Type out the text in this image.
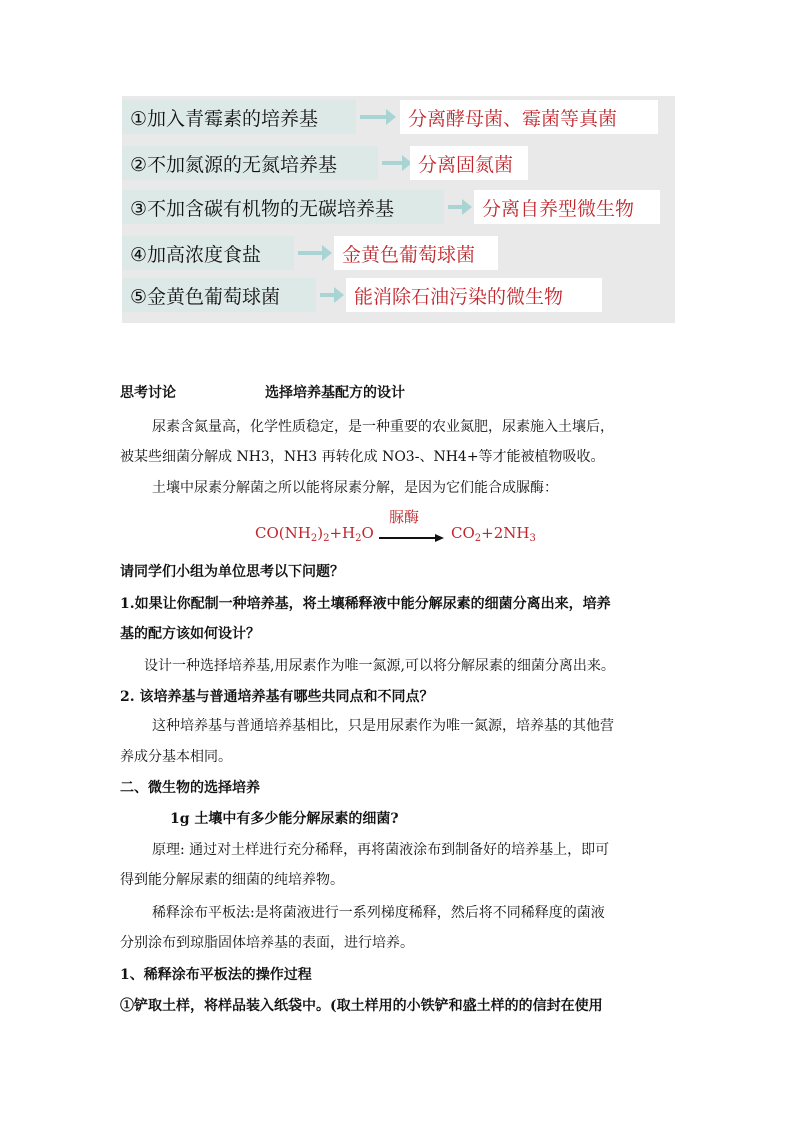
①加入青霉素的培养基	分离酵母菌、霉菌等真菌
②不加氮源的无氮培养基	分离固氮菌
③不加含碳有机物的无碳培养基	分离自养型微生物
④加高浓度食盐	金黄色葡萄球菌
⑤金黄色葡萄球菌	能消除石油污染的微生物
思考讨论	选择培养基配方的设计
尿素含氮量高，化学性质稳定，是一种重要的农业氮肥，尿素施入土壤后，
被某些细菌分解成 NH3，NH3 再转化成 NO3-、NH4+等才能被植物吸收。
土壤中尿素分解菌之所以能将尿素分解，是因为它们能合成脲酶：
$CO(NH_2)_2+H_2O$
脲酶
$CO_2+2NH_3$
请同学们小组为单位思考以下问题？
1.如果让你配制一种培养基，将土壤稀释液中能分解尿素的细菌分离出来，培养
基的配方该如何设计？
设计一种选择培养基,用尿素作为唯一氮源,可以将分解尿素的细菌分离出来。
2. 该培养基与普通培养基有哪些共同点和不同点？
这种培养基与普通培养基相比，只是用尿素作为唯一氮源，培养基的其他营
养成分基本相同。
二、微生物的选择培养
1g 土壤中有多少能分解尿素的细菌?
原理: 通过对土样进行充分稀释，再将菌液涂布到制备好的培养基上，即可
得到能分解尿素的细菌的纯培养物。
稀释涂布平板法:是将菌液进行一系列梯度稀释，然后将不同稀释度的菌液
分别涂布到琼脂固体培养基的表面，进行培养。
1、稀释涂布平板法的操作过程
①铲取土样，将样品装入纸袋中。(取土样用的小铁铲和盛土样的的信封在使用
